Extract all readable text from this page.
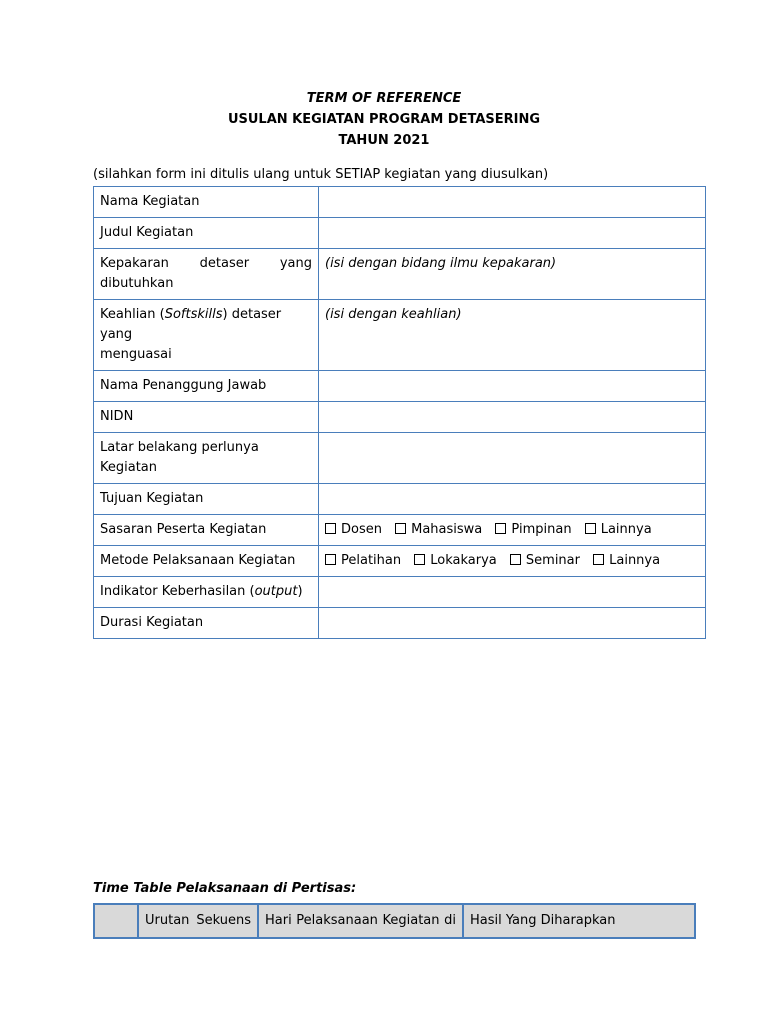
TERM OF REFERENCE
USULAN KEGIATAN PROGRAM DETASERING
TAHUN 2021
(silahkan form ini ditulis ulang untuk SETIAP kegiatan yang diusulkan)
Nama Kegiatan	
Judul Kegiatan	

Kepakaran detaser yang
dibutuhkan	(isi dengan bidang ilmu kepakaran)

Keahlian (Softskills) detaser yang
menguasai	(isi dengan keahlian)
Nama Penanggung Jawab	
NIDN	
Latar belakang perlunya Kegiatan	
Tujuan Kegiatan	
Sasaran Peserta Kegiatan	Dosen Mahasiswa Pimpinan Lainnya
Metode Pelaksanaan Kegiatan	Pelatihan Lokakarya Seminar Lainnya
Indikator Keberhasilan (output)	
Durasi Kegiatan	
Time Table Pelaksanaan di Pertisas:

Urutan Sekuens	Hari Pelaksanaan Kegiatan di	Hasil Yang Diharapkan
